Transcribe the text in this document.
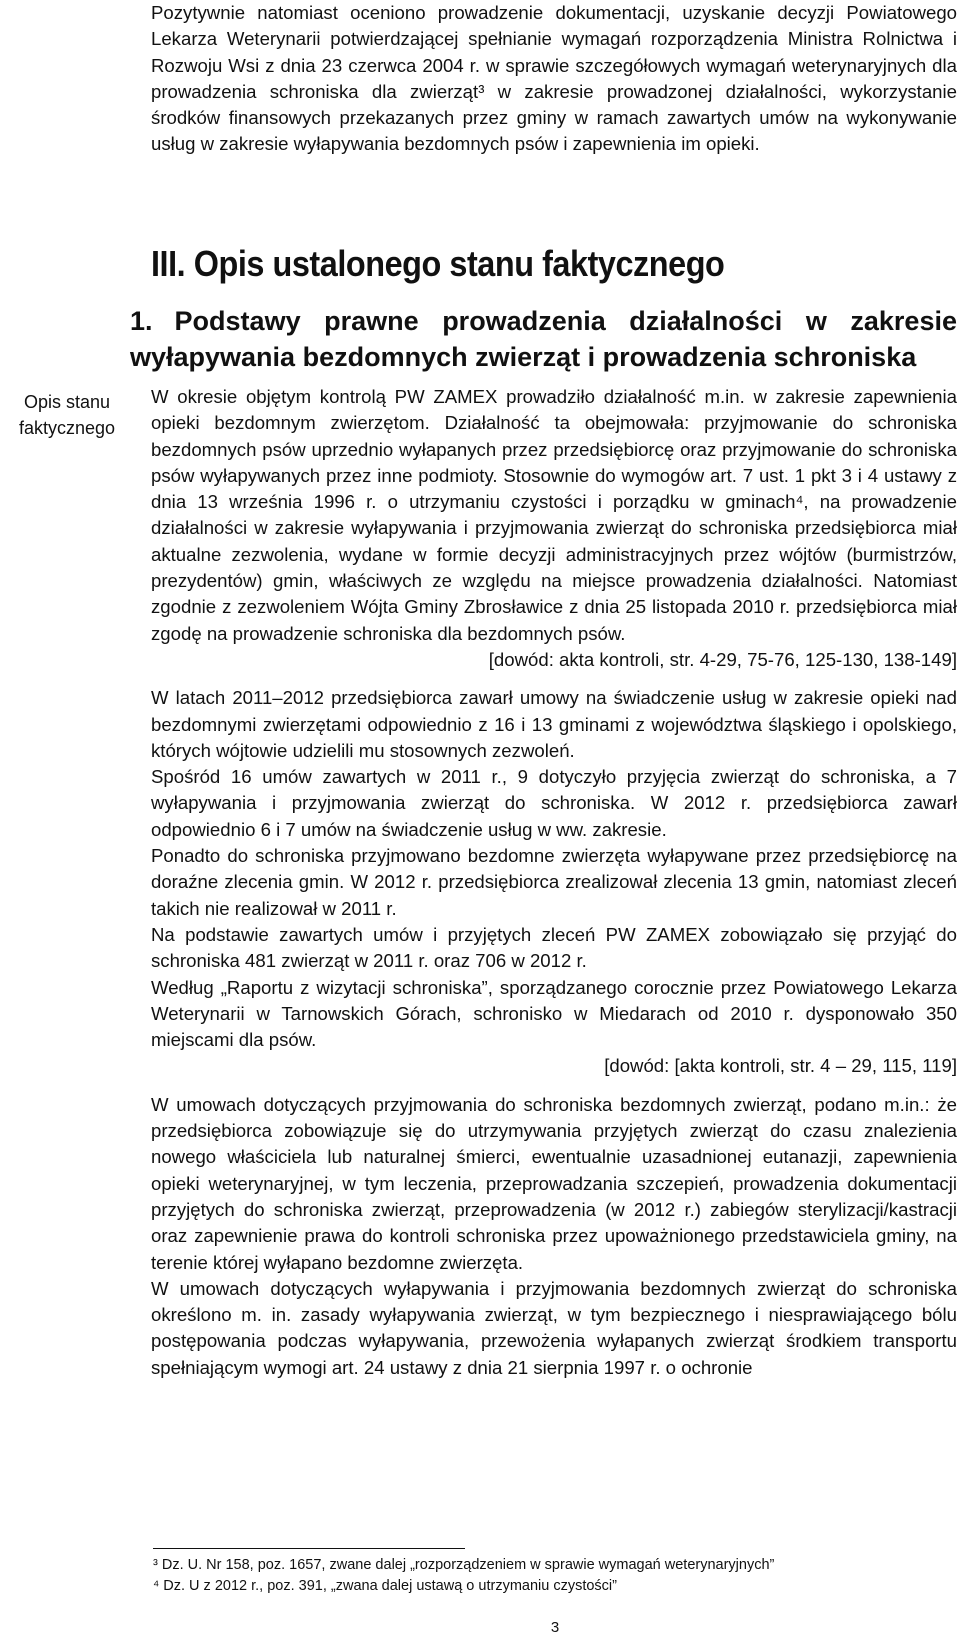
Pozytywnie natomiast oceniono prowadzenie dokumentacji, uzyskanie decyzji Powiatowego Lekarza Weterynarii potwierdzającej spełnianie wymagań rozporządzenia Ministra Rolnictwa i Rozwoju Wsi z dnia 23 czerwca 2004 r. w sprawie szczegółowych wymagań weterynaryjnych dla prowadzenia schroniska dla zwierząt³ w zakresie prowadzonej działalności, wykorzystanie środków finansowych przekazanych przez gminy w ramach zawartych umów na wykonywanie usług w zakresie wyłapywania bezdomnych psów i zapewnienia im opieki.

III. Opis ustalonego stanu faktycznego
1. Podstawy prawne prowadzenia działalności w zakresie wyłapywania bezdomnych zwierząt i prowadzenia schroniska
Opis stanu faktycznego

W okresie objętym kontrolą PW ZAMEX prowadziło działalność m.in. w zakresie zapewnienia opieki bezdomnym zwierzętom. Działalność ta obejmowała: przyjmowanie do schroniska bezdomnych psów uprzednio wyłapanych przez przedsiębiorcę oraz przyjmowanie do schroniska psów wyłapywanych przez inne podmioty. Stosownie do wymogów art. 7 ust. 1 pkt 3 i 4 ustawy z dnia 13 września 1996 r. o utrzymaniu czystości i porządku w gminach⁴, na prowadzenie działalności w zakresie wyłapywania i przyjmowania zwierząt do schroniska przedsiębiorca miał aktualne zezwolenia, wydane w formie decyzji administracyjnych przez wójtów (burmistrzów, prezydentów) gmin, właściwych ze względu na miejsce prowadzenia działalności. Natomiast zgodnie z zezwoleniem Wójta Gminy Zbrosławice z dnia 25 listopada 2010 r. przedsiębiorca miał zgodę na prowadzenie schroniska dla bezdomnych psów.

[dowód: akta kontroli, str. 4-29, 75-76, 125-130, 138-149]

W latach 2011–2012 przedsiębiorca zawarł umowy na świadczenie usług w zakresie opieki nad bezdomnymi zwierzętami odpowiednio z 16 i 13 gminami z województwa śląskiego i opolskiego, których wójtowie udzielili mu stosownych zezwoleń.

Spośród 16 umów zawartych w 2011 r., 9 dotyczyło przyjęcia zwierząt do schroniska, a 7 wyłapywania i przyjmowania zwierząt do schroniska. W 2012 r. przedsiębiorca zawarł odpowiednio 6 i 7 umów na świadczenie usług w ww. zakresie.

Ponadto do schroniska przyjmowano bezdomne zwierzęta wyłapywane przez przedsiębiorcę na doraźne zlecenia gmin. W 2012 r. przedsiębiorca zrealizował zlecenia 13 gmin, natomiast zleceń takich nie realizował w 2011 r.

Na podstawie zawartych umów i przyjętych zleceń PW ZAMEX zobowiązało się przyjąć do schroniska 481 zwierząt w 2011 r. oraz 706 w 2012 r.

Według „Raportu z wizytacji schroniska”, sporządzanego corocznie przez Powiatowego Lekarza Weterynarii w Tarnowskich Górach, schronisko w Miedarach od 2010 r. dysponowało 350 miejscami dla psów.

[dowód: [akta kontroli, str. 4 – 29, 115, 119]

W umowach dotyczących przyjmowania do schroniska bezdomnych zwierząt, podano m.in.: że przedsiębiorca zobowiązuje się do utrzymywania przyjętych zwierząt do czasu znalezienia nowego właściciela lub naturalnej śmierci, ewentualnie uzasadnionej eutanazji, zapewnienia opieki weterynaryjnej, w tym leczenia, przeprowadzania szczepień, prowadzenia dokumentacji przyjętych do schroniska zwierząt, przeprowadzenia (w 2012 r.) zabiegów sterylizacji/kastracji oraz zapewnienie prawa do kontroli schroniska przez upoważnionego przedstawiciela gminy, na terenie której wyłapano bezdomne zwierzęta.

W umowach dotyczących wyłapywania i przyjmowania bezdomnych zwierząt do schroniska określono m. in. zasady wyłapywania zwierząt, w tym bezpiecznego i niesprawiającego bólu postępowania podczas wyłapywania, przewożenia wyłapanych zwierząt środkiem transportu spełniającym wymogi art. 24 ustawy z dnia 21 sierpnia 1997 r. o ochronie

³ Dz. U. Nr 158, poz. 1657, zwane dalej „rozporządzeniem w sprawie wymagań weterynaryjnych”

⁴ Dz. U z 2012 r., poz. 391, „zwana dalej ustawą o utrzymaniu czystości”

3
